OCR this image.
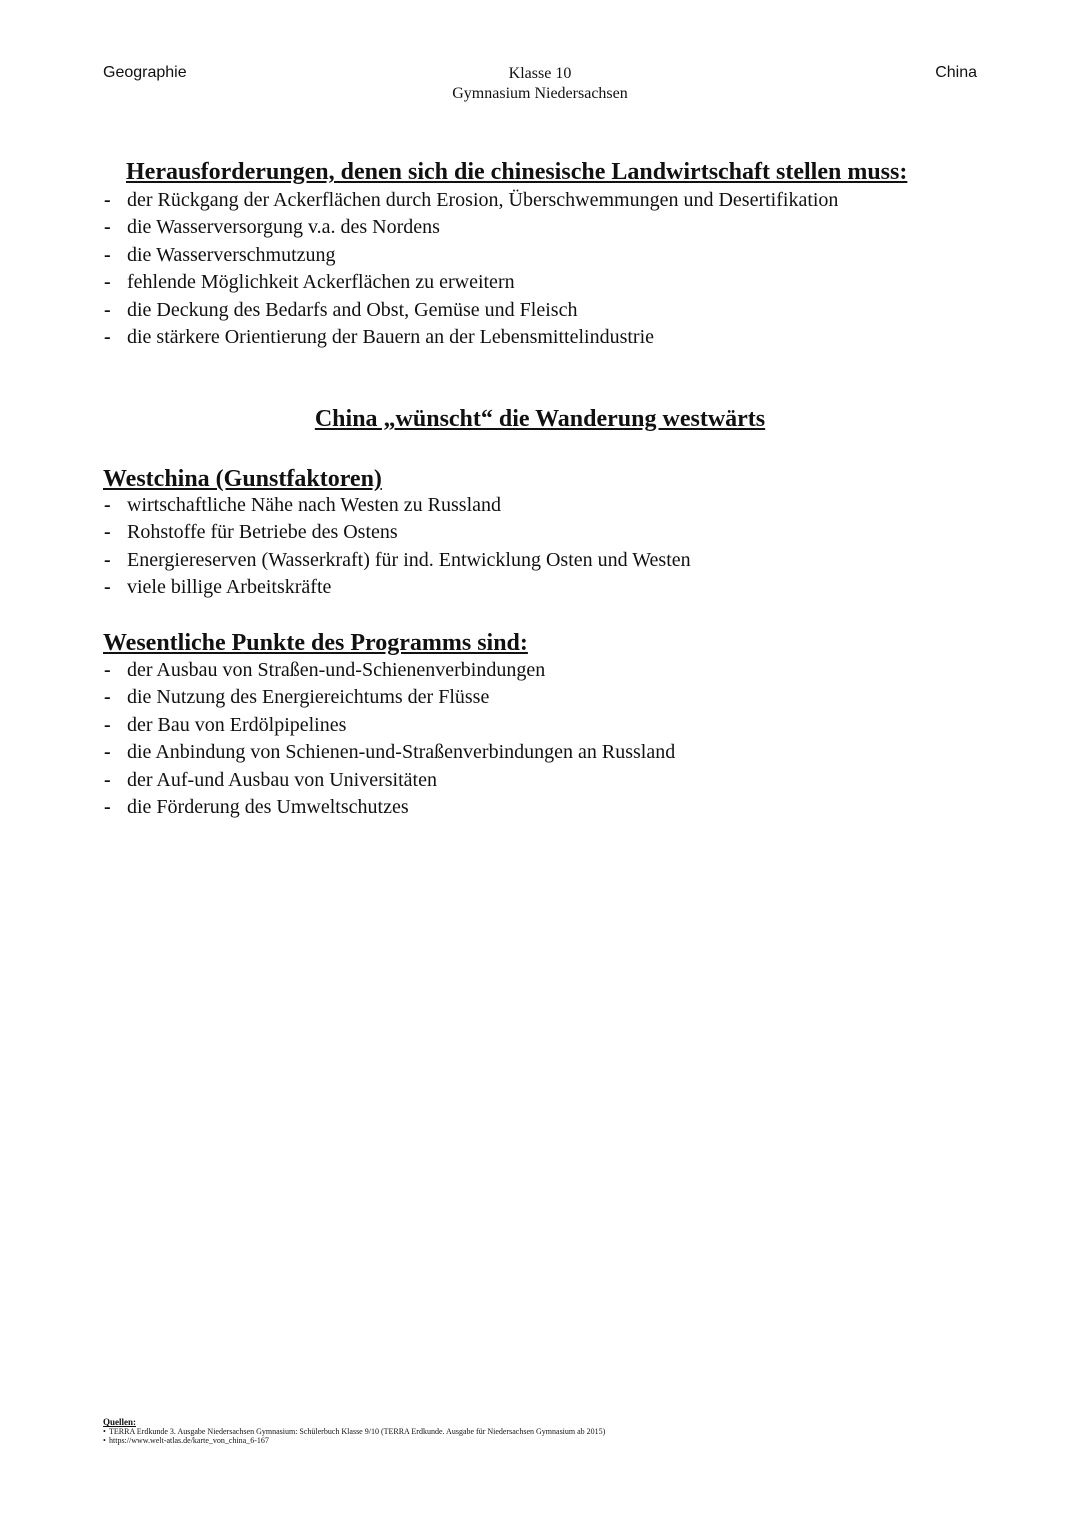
Geographie	Klasse 10
Gymnasium Niedersachsen
China
Herausforderungen, denen sich die chinesische Landwirtschaft stellen muss:
- der Rückgang der Ackerflächen durch Erosion, Überschwemmungen und Desertifikation
- die Wasserversorgung v.a. des Nordens
- die Wasserverschmutzung
- fehlende Möglichkeit Ackerflächen zu erweitern
- die Deckung des Bedarfs and Obst, Gemüse und Fleisch
- die stärkere Orientierung der Bauern an der Lebensmittelindustrie
China „wünscht“ die Wanderung westwärts
Westchina (Gunstfaktoren)
- wirtschaftliche Nähe nach Westen zu Russland
- Rohstoffe für Betriebe des Ostens
- Energiereserven (Wasserkraft) für ind. Entwicklung Osten und Westen
- viele billige Arbeitskräfte
Wesentliche Punkte des Programms sind:
- der Ausbau von Straßen-und-Schienenverbindungen
- die Nutzung des Energiereichtums der Flüsse
- der Bau von Erdölpipelines
- die Anbindung von Schienen-und-Straßenverbindungen an Russland
- der Auf-und Ausbau von Universitäten
- die Förderung des Umweltschutzes
Quellen:
• TERRA Erdkunde 3. Ausgabe Niedersachsen Gymnasium: Schülerbuch Klasse 9/10 (TERRA Erdkunde. Ausgabe für Niedersachsen Gymnasium ab 2015)
• https://www.welt-atlas.de/karte_von_china_6-167
